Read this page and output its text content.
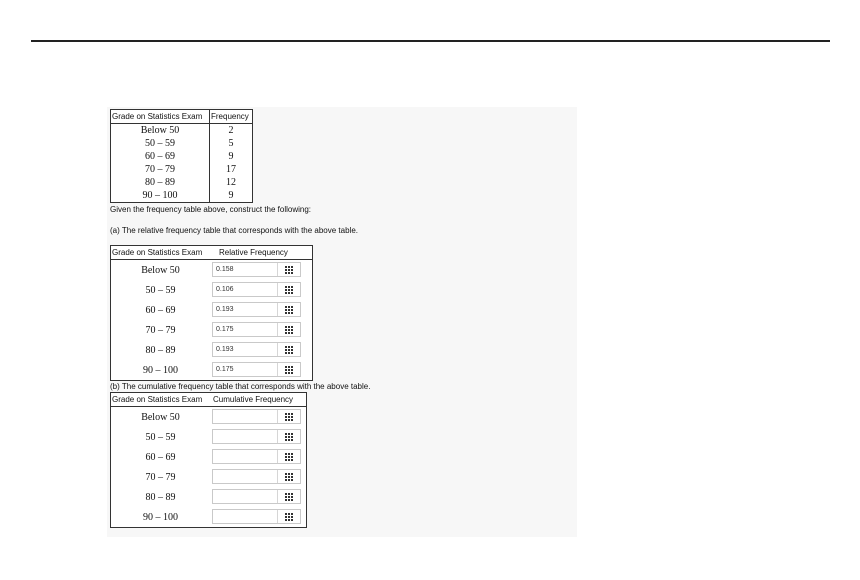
Grade on Statistics Exam	Frequency
Below 50	2
50 – 59	5
60 – 69	9
70 – 79	17
80 – 89	12
90 – 100	9

Given the frequency table above, construct the following:

(a) The relative frequency table that corresponds with the above table.

Grade on Statistics Exam	Relative Frequency
Below 50	0.158

50 – 59	0.106

60 – 69	0.193

70 – 79	0.175

80 – 89	0.193

90 – 100	0.175

(b) The cumulative frequency table that corresponds with the above table.

Grade on Statistics Exam	Cumulative Frequency
Below 50	

50 – 59	

60 – 69	

70 – 79	

80 – 89	

90 – 100	
